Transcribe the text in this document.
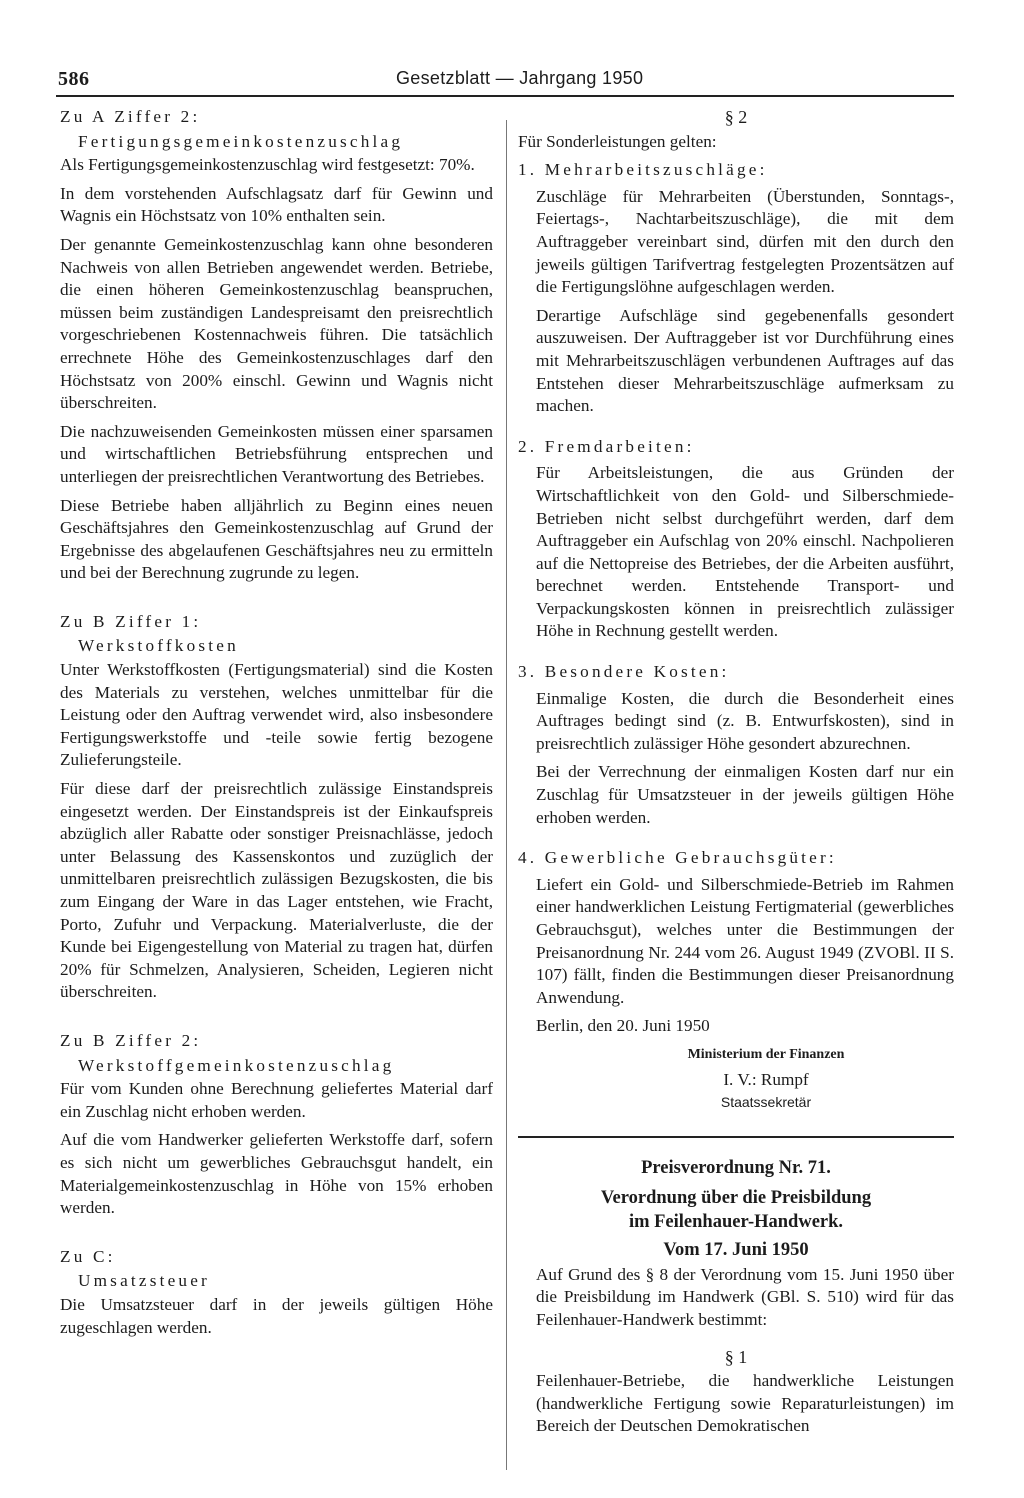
586	Gesetzblatt — Jahrgang 1950

Zu A Ziffer 2:

Fertigungsgemeinkostenzuschlag

Als Fertigungsgemeinkostenzuschlag wird festgesetzt: 70%.

In dem vorstehenden Aufschlagsatz darf für Gewinn und Wagnis ein Höchstsatz von 10% enthalten sein.

Der genannte Gemeinkostenzuschlag kann ohne besonderen Nachweis von allen Betrieben angewendet werden. Betriebe, die einen höheren Gemeinkostenzuschlag beanspruchen, müssen beim zuständigen Landespreisamt den preisrechtlich vorgeschriebenen Kostennachweis führen. Die tatsächlich errechnete Höhe des Gemeinkostenzuschlages darf den Höchstsatz von 200% einschl. Gewinn und Wagnis nicht überschreiten.

Die nachzuweisenden Gemeinkosten müssen einer sparsamen und wirtschaftlichen Betriebsführung entsprechen und unterliegen der preisrechtlichen Verantwortung des Betriebes.

Diese Betriebe haben alljährlich zu Beginn eines neuen Geschäftsjahres den Gemeinkostenzuschlag auf Grund der Ergebnisse des abgelaufenen Geschäftsjahres neu zu ermitteln und bei der Berechnung zugrunde zu legen.

Zu B Ziffer 1:

Werkstoffkosten

Unter Werkstoffkosten (Fertigungsmaterial) sind die Kosten des Materials zu verstehen, welches unmittelbar für die Leistung oder den Auftrag verwendet wird, also insbesondere Fertigungswerkstoffe und -teile sowie fertig bezogene Zulieferungsteile.

Für diese darf der preisrechtlich zulässige Einstandspreis eingesetzt werden. Der Einstandspreis ist der Einkaufspreis abzüglich aller Rabatte oder sonstiger Preisnachlässe, jedoch unter Belassung des Kassenskontos und zuzüglich der unmittelbaren preisrechtlich zulässigen Bezugskosten, die bis zum Eingang der Ware in das Lager entstehen, wie Fracht, Porto, Zufuhr und Verpackung. Materialverluste, die der Kunde bei Eigengestellung von Material zu tragen hat, dürfen 20% für Schmelzen, Analysieren, Scheiden, Legieren nicht überschreiten.

Zu B Ziffer 2:

Werkstoffgemeinkostenzuschlag

Für vom Kunden ohne Berechnung geliefertes Material darf ein Zuschlag nicht erhoben werden.

Auf die vom Handwerker gelieferten Werkstoffe darf, sofern es sich nicht um gewerbliches Gebrauchsgut handelt, ein Materialgemeinkostenzuschlag in Höhe von 15% erhoben werden.

Zu C:

Umsatzsteuer

Die Umsatzsteuer darf in der jeweils gültigen Höhe zugeschlagen werden.

§ 2

Für Sonderleistungen gelten:

1. Mehrarbeitszuschläge:

Zuschläge für Mehrarbeiten (Überstunden, Sonntags-, Feiertags-, Nachtarbeitszuschläge), die mit dem Auftraggeber vereinbart sind, dürfen mit den durch den jeweils gültigen Tarifvertrag festgelegten Prozentsätzen auf die Fertigungslöhne aufgeschlagen werden.

Derartige Aufschläge sind gegebenenfalls gesondert auszuweisen. Der Auftraggeber ist vor Durchführung eines mit Mehrarbeitszuschlägen verbundenen Auftrages auf das Entstehen dieser Mehrarbeitszuschläge aufmerksam zu machen.

2. Fremdarbeiten:

Für Arbeitsleistungen, die aus Gründen der Wirtschaftlichkeit von den Gold- und Silberschmiede-Betrieben nicht selbst durchgeführt werden, darf dem Auftraggeber ein Aufschlag von 20% einschl. Nachpolieren auf die Nettopreise des Betriebes, der die Arbeiten ausführt, berechnet werden. Entstehende Transport- und Verpackungskosten können in preisrechtlich zulässiger Höhe in Rechnung gestellt werden.

3. Besondere Kosten:

Einmalige Kosten, die durch die Besonderheit eines Auftrages bedingt sind (z. B. Entwurfskosten), sind in preisrechtlich zulässiger Höhe gesondert abzurechnen.

Bei der Verrechnung der einmaligen Kosten darf nur ein Zuschlag für Umsatzsteuer in der jeweils gültigen Höhe erhoben werden.

4. Gewerbliche Gebrauchsgüter:

Liefert ein Gold- und Silberschmiede-Betrieb im Rahmen einer handwerklichen Leistung Fertigmaterial (gewerbliches Gebrauchsgut), welches unter die Bestimmungen der Preisanordnung Nr. 244 vom 26. August 1949 (ZVOBl. II S. 107) fällt, finden die Bestimmungen dieser Preisanordnung Anwendung.

Berlin, den 20. Juni 1950

Ministerium der Finanzen

I. V.: Rumpf

Staatssekretär

Preisverordnung Nr. 71.

Verordnung über die Preisbildung

im Feilenhauer-Handwerk.

Vom 17. Juni 1950

Auf Grund des § 8 der Verordnung vom 15. Juni 1950 über die Preisbildung im Handwerk (GBl. S. 510) wird für das Feilenhauer-Handwerk bestimmt:

§ 1

Feilenhauer-Betriebe, die handwerkliche Leistungen (handwerkliche Fertigung sowie Reparaturleistungen) im Bereich der Deutschen Demokratischen
